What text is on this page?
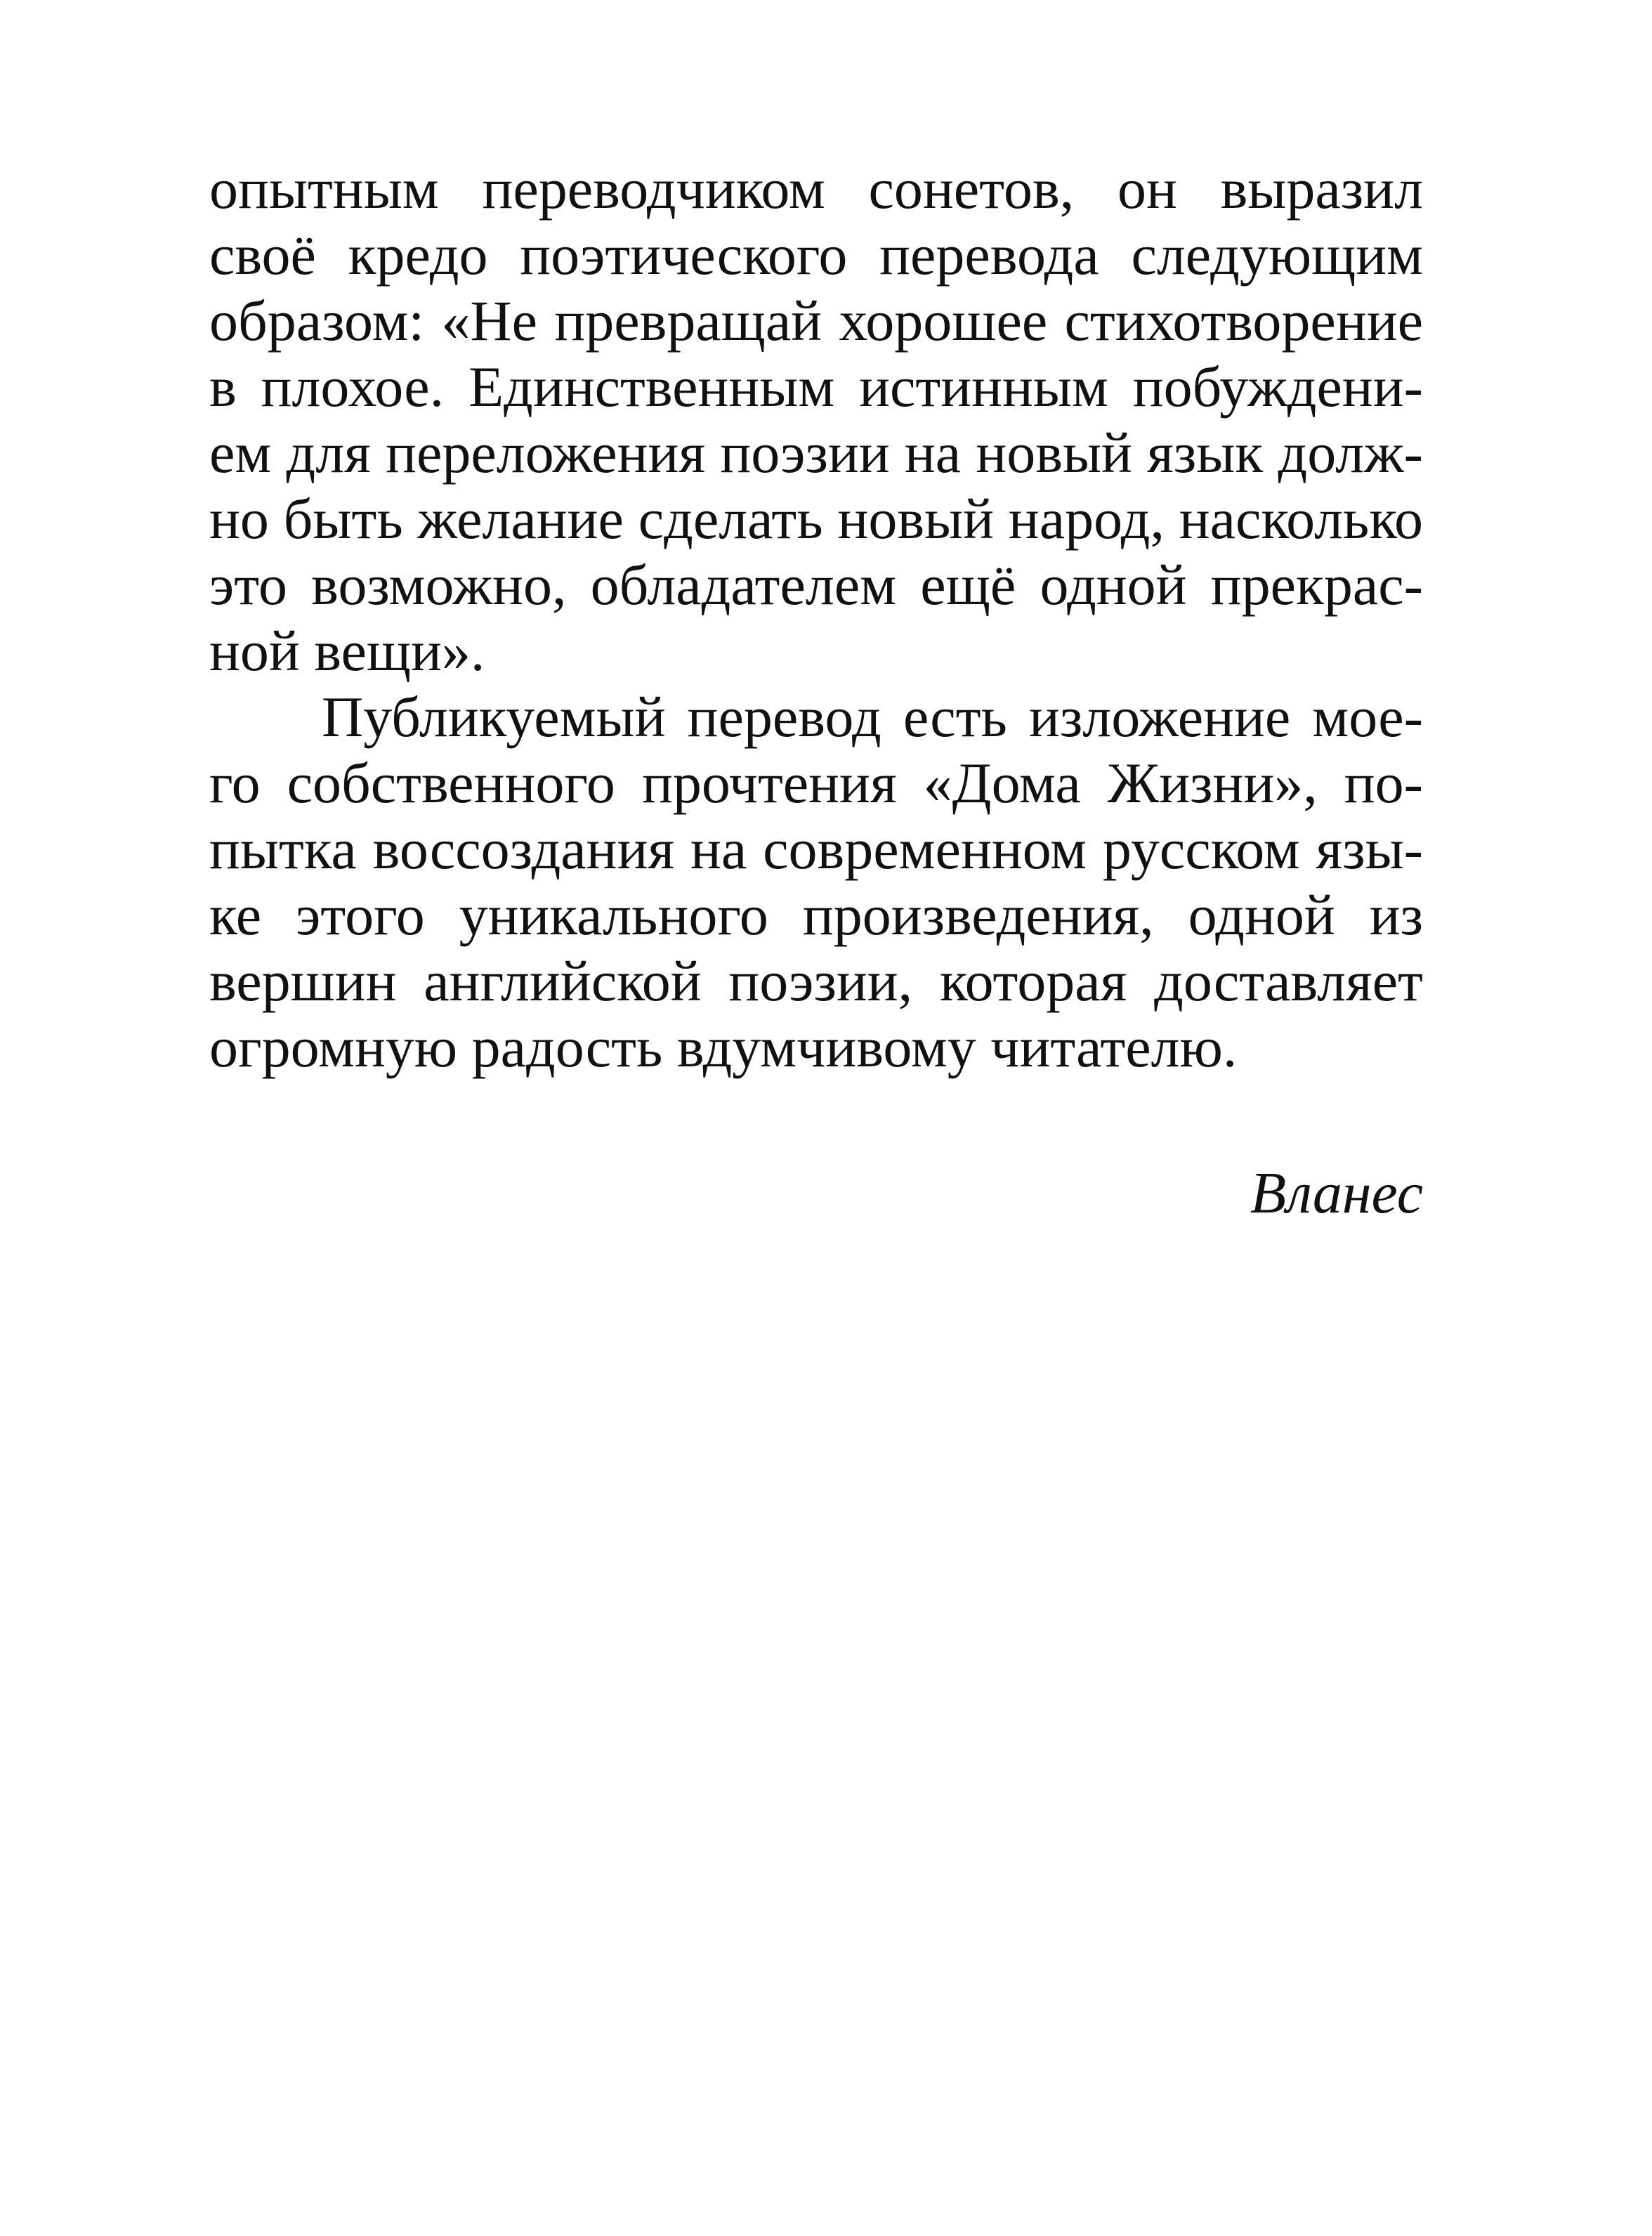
опытным переводчиком сонетов, он выразил
своё кредо поэтического перевода следующим
образом: «Не превращай хорошее стихотворение
в плохое. Единственным истинным побуждени-
ем для переложения поэзии на новый язык долж-
но быть желание сделать новый народ, насколько
это возможно, обладателем ещё одной прекрас-
ной вещи».
Публикуемый перевод есть изложение мое-
го собственного прочтения «Дома Жизни», по-
пытка воссоздания на современном русском язы-
ке этого уникального произведения, одной из
вершин английской поэзии, которая доставляет
огромную радость вдумчивому читателю.
Вланес
